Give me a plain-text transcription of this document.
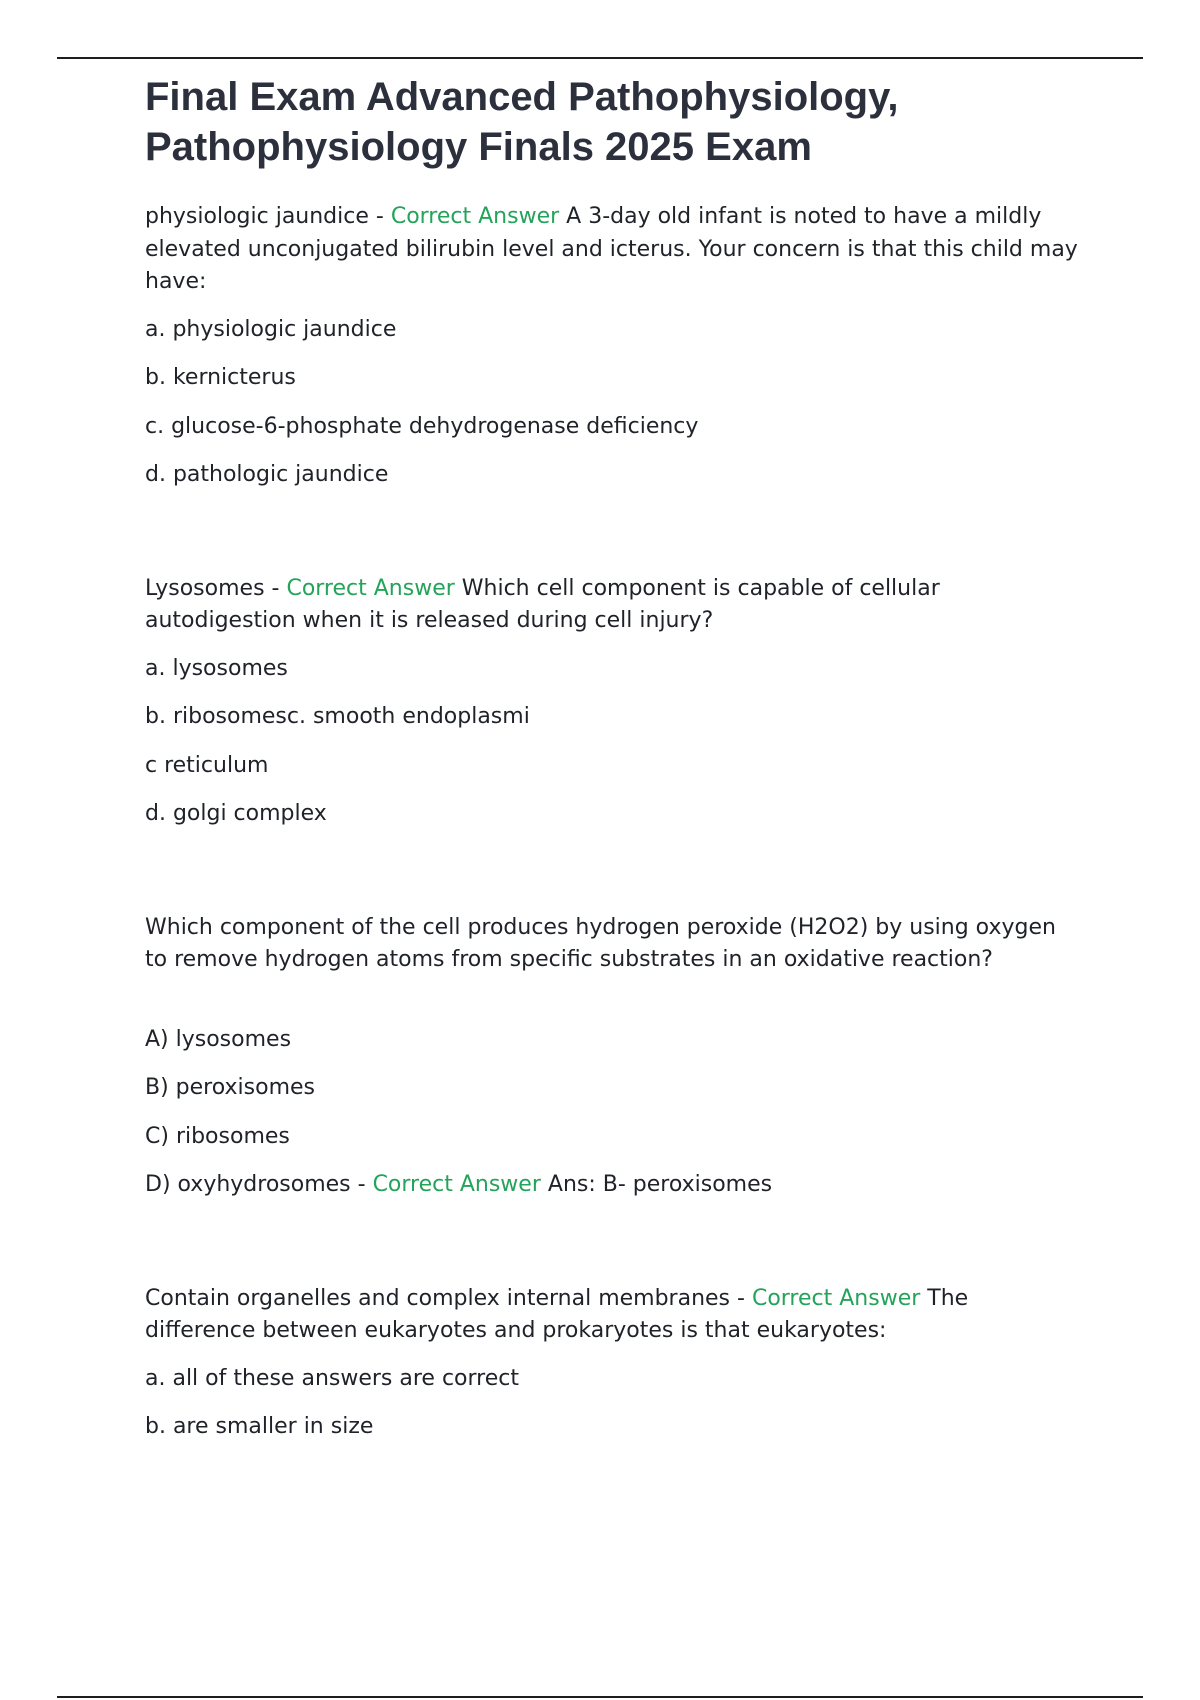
Final Exam Advanced Pathophysiology,
Pathophysiology Finals 2025 Exam
physiologic jaundice - Correct Answer A 3-day old infant is noted to have a mildly elevated unconjugated bilirubin level and icterus. Your concern is that this child may have:
a. physiologic jaundice
b. kernicterus
c. glucose-6-phosphate dehydrogenase deficiency
d. pathologic jaundice
Lysosomes - Correct Answer Which cell component is capable of cellular autodigestion when it is released during cell injury?
a. lysosomes
b. ribosomesc. smooth endoplasmi
c reticulum
d. golgi complex
Which component of the cell produces hydrogen peroxide (H2O2) by using oxygen to remove hydrogen atoms from specific substrates in an oxidative reaction?
A) lysosomes
B) peroxisomes
C) ribosomes
D) oxyhydrosomes - Correct Answer Ans: B- peroxisomes
Contain organelles and complex internal membranes - Correct Answer The difference between eukaryotes and prokaryotes is that eukaryotes:
a. all of these answers are correct
b. are smaller in size
